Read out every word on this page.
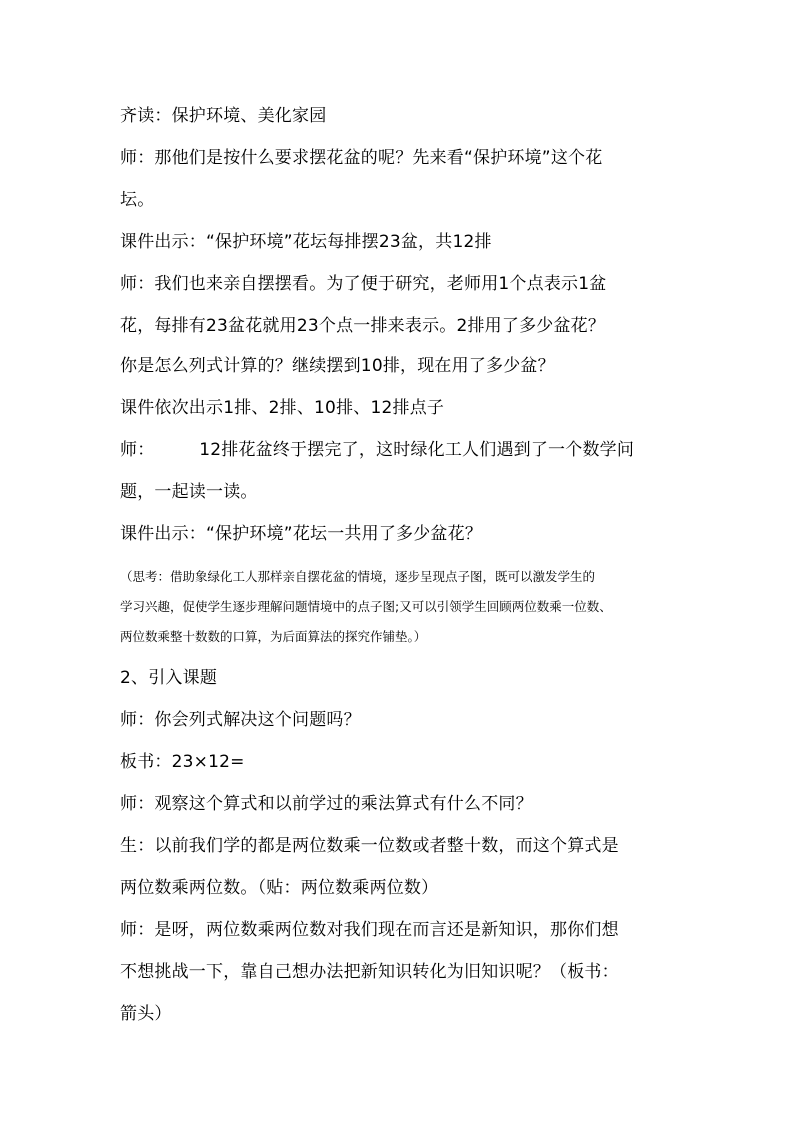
齐读：保护环境、美化家园
师：那他们是按什么要求摆花盆的呢？先来看“保护环境”这个花
坛。
课件出示：“保护环境”花坛每排摆23盆，共12排
师：我们也来亲自摆摆看。为了便于研究，老师用1个点表示1盆
花，每排有23盆花就用23个点一排来表示。2排用了多少盆花？
你是怎么列式计算的？继续摆到10排，现在用了多少盆？
课件依次出示1排、2排、10排、12排点子
师：        12排花盆终于摆完了，这时绿化工人们遇到了一个数学问
题，一起读一读。
课件出示：“保护环境”花坛一共用了多少盆花？
（思考：借助象绿化工人那样亲自摆花盆的情境，逐步呈现点子图，既可以激发学生的
学习兴趣，促使学生逐步理解问题情境中的点子图;又可以引领学生回顾两位数乘一位数、
两位数乘整十数数的口算，为后面算法的探究作铺垫。）
2、引入课题
师：你会列式解决这个问题吗？
板书：23×12=
师：观察这个算式和以前学过的乘法算式有什么不同？
生：以前我们学的都是两位数乘一位数或者整十数，而这个算式是
两位数乘两位数。（贴：两位数乘两位数）
师：是呀，两位数乘两位数对我们现在而言还是新知识，那你们想
不想挑战一下，靠自己想办法把新知识转化为旧知识呢？（板书：
箭头）
